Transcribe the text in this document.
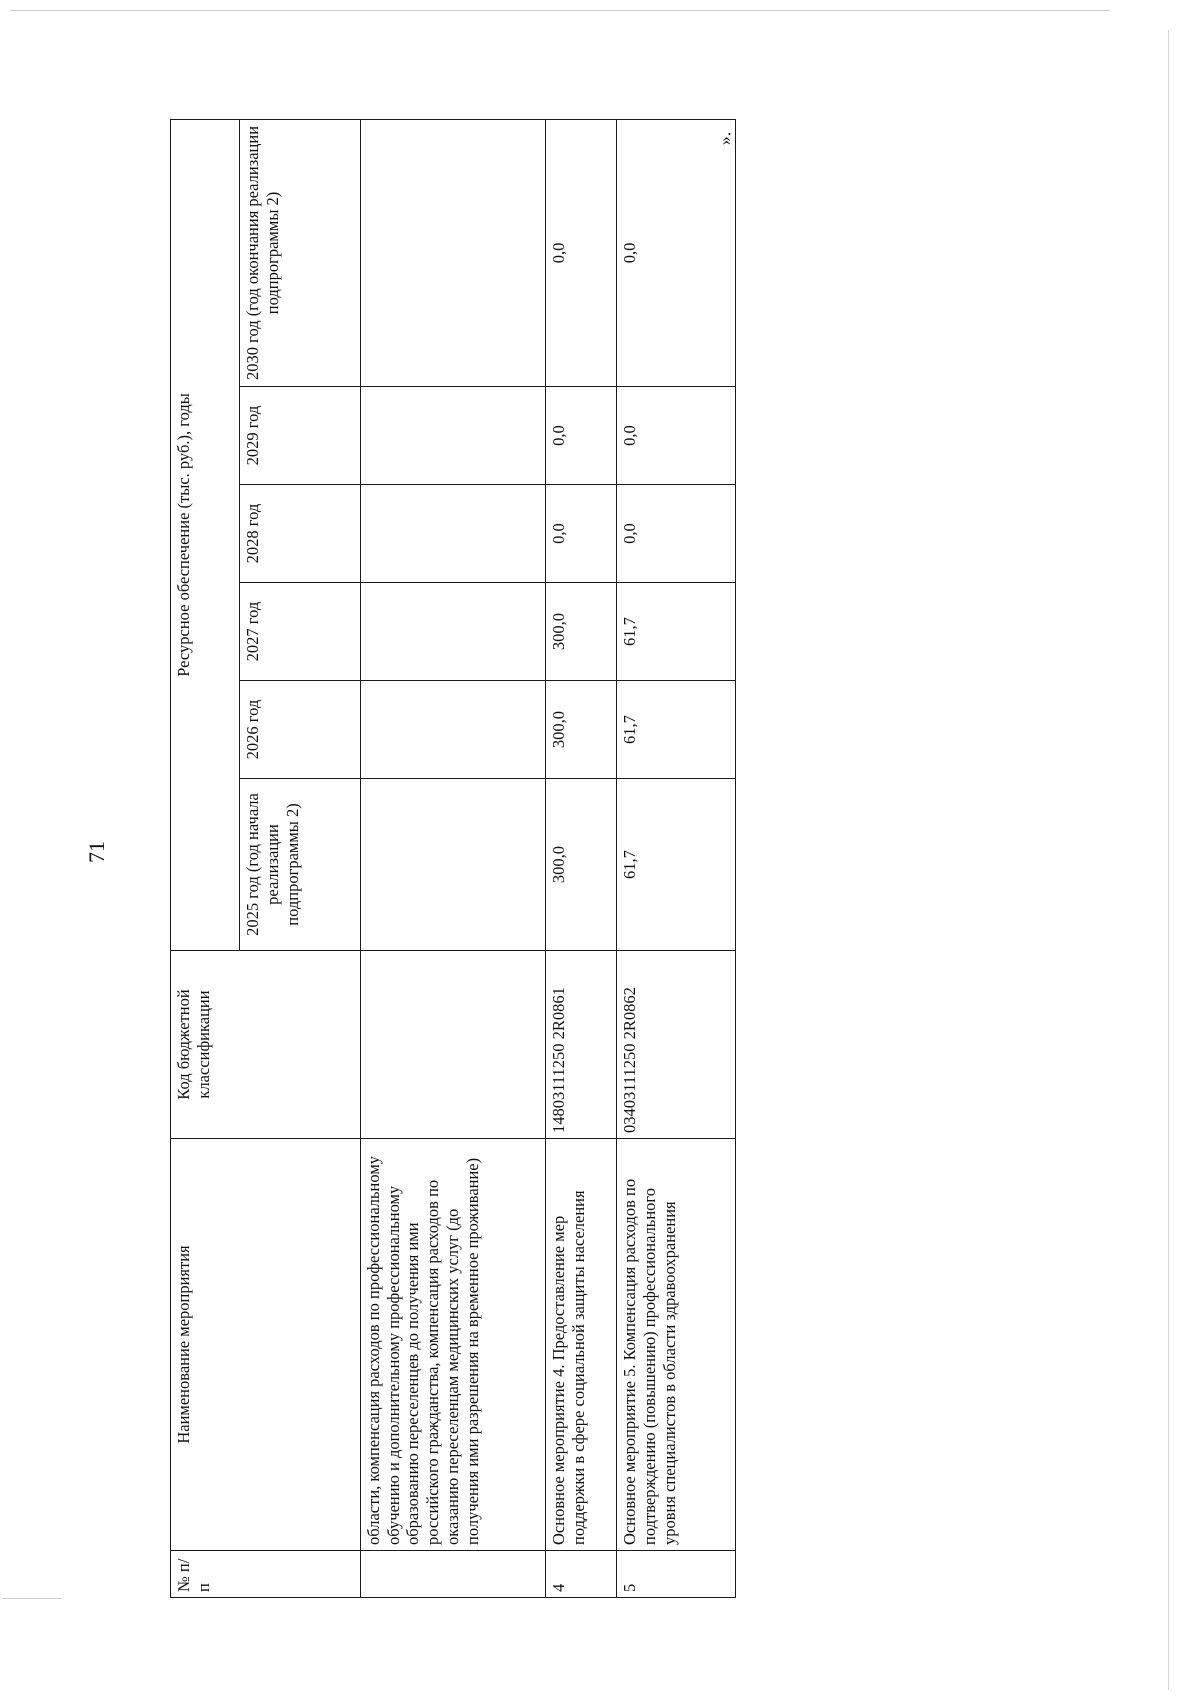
71
№ п/п	Наименование мероприятия	Код бюджетной классификации	Ресурсное обеспечение (тыс. руб.), годы					
			2025 год (год начала реализации подпрограммы 2)	2026 год	2027 год	2028 год	2029 год	2030 год (год окончания реализации подпрограммы 2)
	области, компенсация расходов по профессиональному обучению и дополнительному профессиональному образованию переселенцев до получения ими российского гражданства, компенсация расходов по оказанию переселенцам медицинских услуг (до получения ими разрешения на временное проживание)							
4	Основное мероприятие 4. Предоставление мер поддержки в сфере социальной защиты населения	14803111250 2R0861	300,0	300,0	300,0	0,0	0,0	0,0
5	Основное мероприятие 5. Компенсация расходов по подтверждению (повышению) профессионального уровня специалистов в области здравоохранения	03403111250 2R0862	61,7	61,7	61,7	0,0	0,0	0,0
».
